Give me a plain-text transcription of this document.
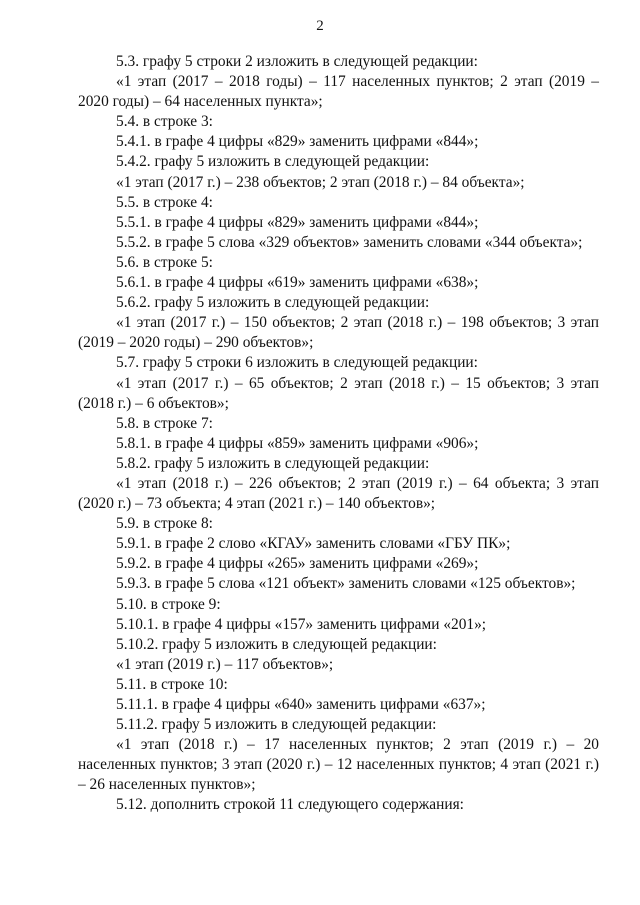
2

5.3. графу 5 строки 2 изложить в следующей редакции:

«1 этап (2017 – 2018 годы) – 117 населенных пунктов; 2 этап (2019 – 2020 годы) – 64 населенных пункта»;

5.4. в строке 3:

5.4.1. в графе 4 цифры «829» заменить цифрами «844»;

5.4.2. графу 5 изложить в следующей редакции:

«1 этап (2017 г.) – 238 объектов; 2 этап (2018 г.) – 84 объекта»;

5.5. в строке 4:

5.5.1. в графе 4 цифры «829» заменить цифрами «844»;

5.5.2. в графе 5 слова «329 объектов» заменить словами «344 объекта»;

5.6. в строке 5:

5.6.1. в графе 4 цифры «619» заменить цифрами «638»;

5.6.2. графу 5 изложить в следующей редакции:

«1 этап (2017 г.) – 150 объектов; 2 этап (2018 г.) – 198 объектов; 3 этап (2019 – 2020 годы) – 290 объектов»;

5.7. графу 5 строки 6 изложить в следующей редакции:

«1 этап (2017 г.) – 65 объектов; 2 этап (2018 г.) – 15 объектов; 3 этап (2018 г.) – 6 объектов»;

5.8. в строке 7:

5.8.1. в графе 4 цифры «859» заменить цифрами «906»;

5.8.2. графу 5 изложить в следующей редакции:

«1 этап (2018 г.) – 226 объектов; 2 этап (2019 г.) – 64 объекта; 3 этап (2020 г.) – 73 объекта; 4 этап (2021 г.) – 140 объектов»;

5.9. в строке 8:

5.9.1. в графе 2 слово «КГАУ» заменить словами «ГБУ ПК»;

5.9.2. в графе 4 цифры «265» заменить цифрами «269»;

5.9.3. в графе 5 слова «121 объект» заменить словами «125 объектов»;

5.10. в строке 9:

5.10.1. в графе 4 цифры «157» заменить цифрами «201»;

5.10.2. графу 5 изложить в следующей редакции:

«1 этап (2019 г.) – 117 объектов»;

5.11. в строке 10:

5.11.1. в графе 4 цифры «640» заменить цифрами «637»;

5.11.2. графу 5 изложить в следующей редакции:

«1 этап (2018 г.) – 17 населенных пунктов; 2 этап (2019 г.) – 20 населенных пунктов; 3 этап (2020 г.) – 12 населенных пунктов; 4 этап (2021 г.) – 26 населенных пунктов»;

5.12. дополнить строкой 11 следующего содержания:
